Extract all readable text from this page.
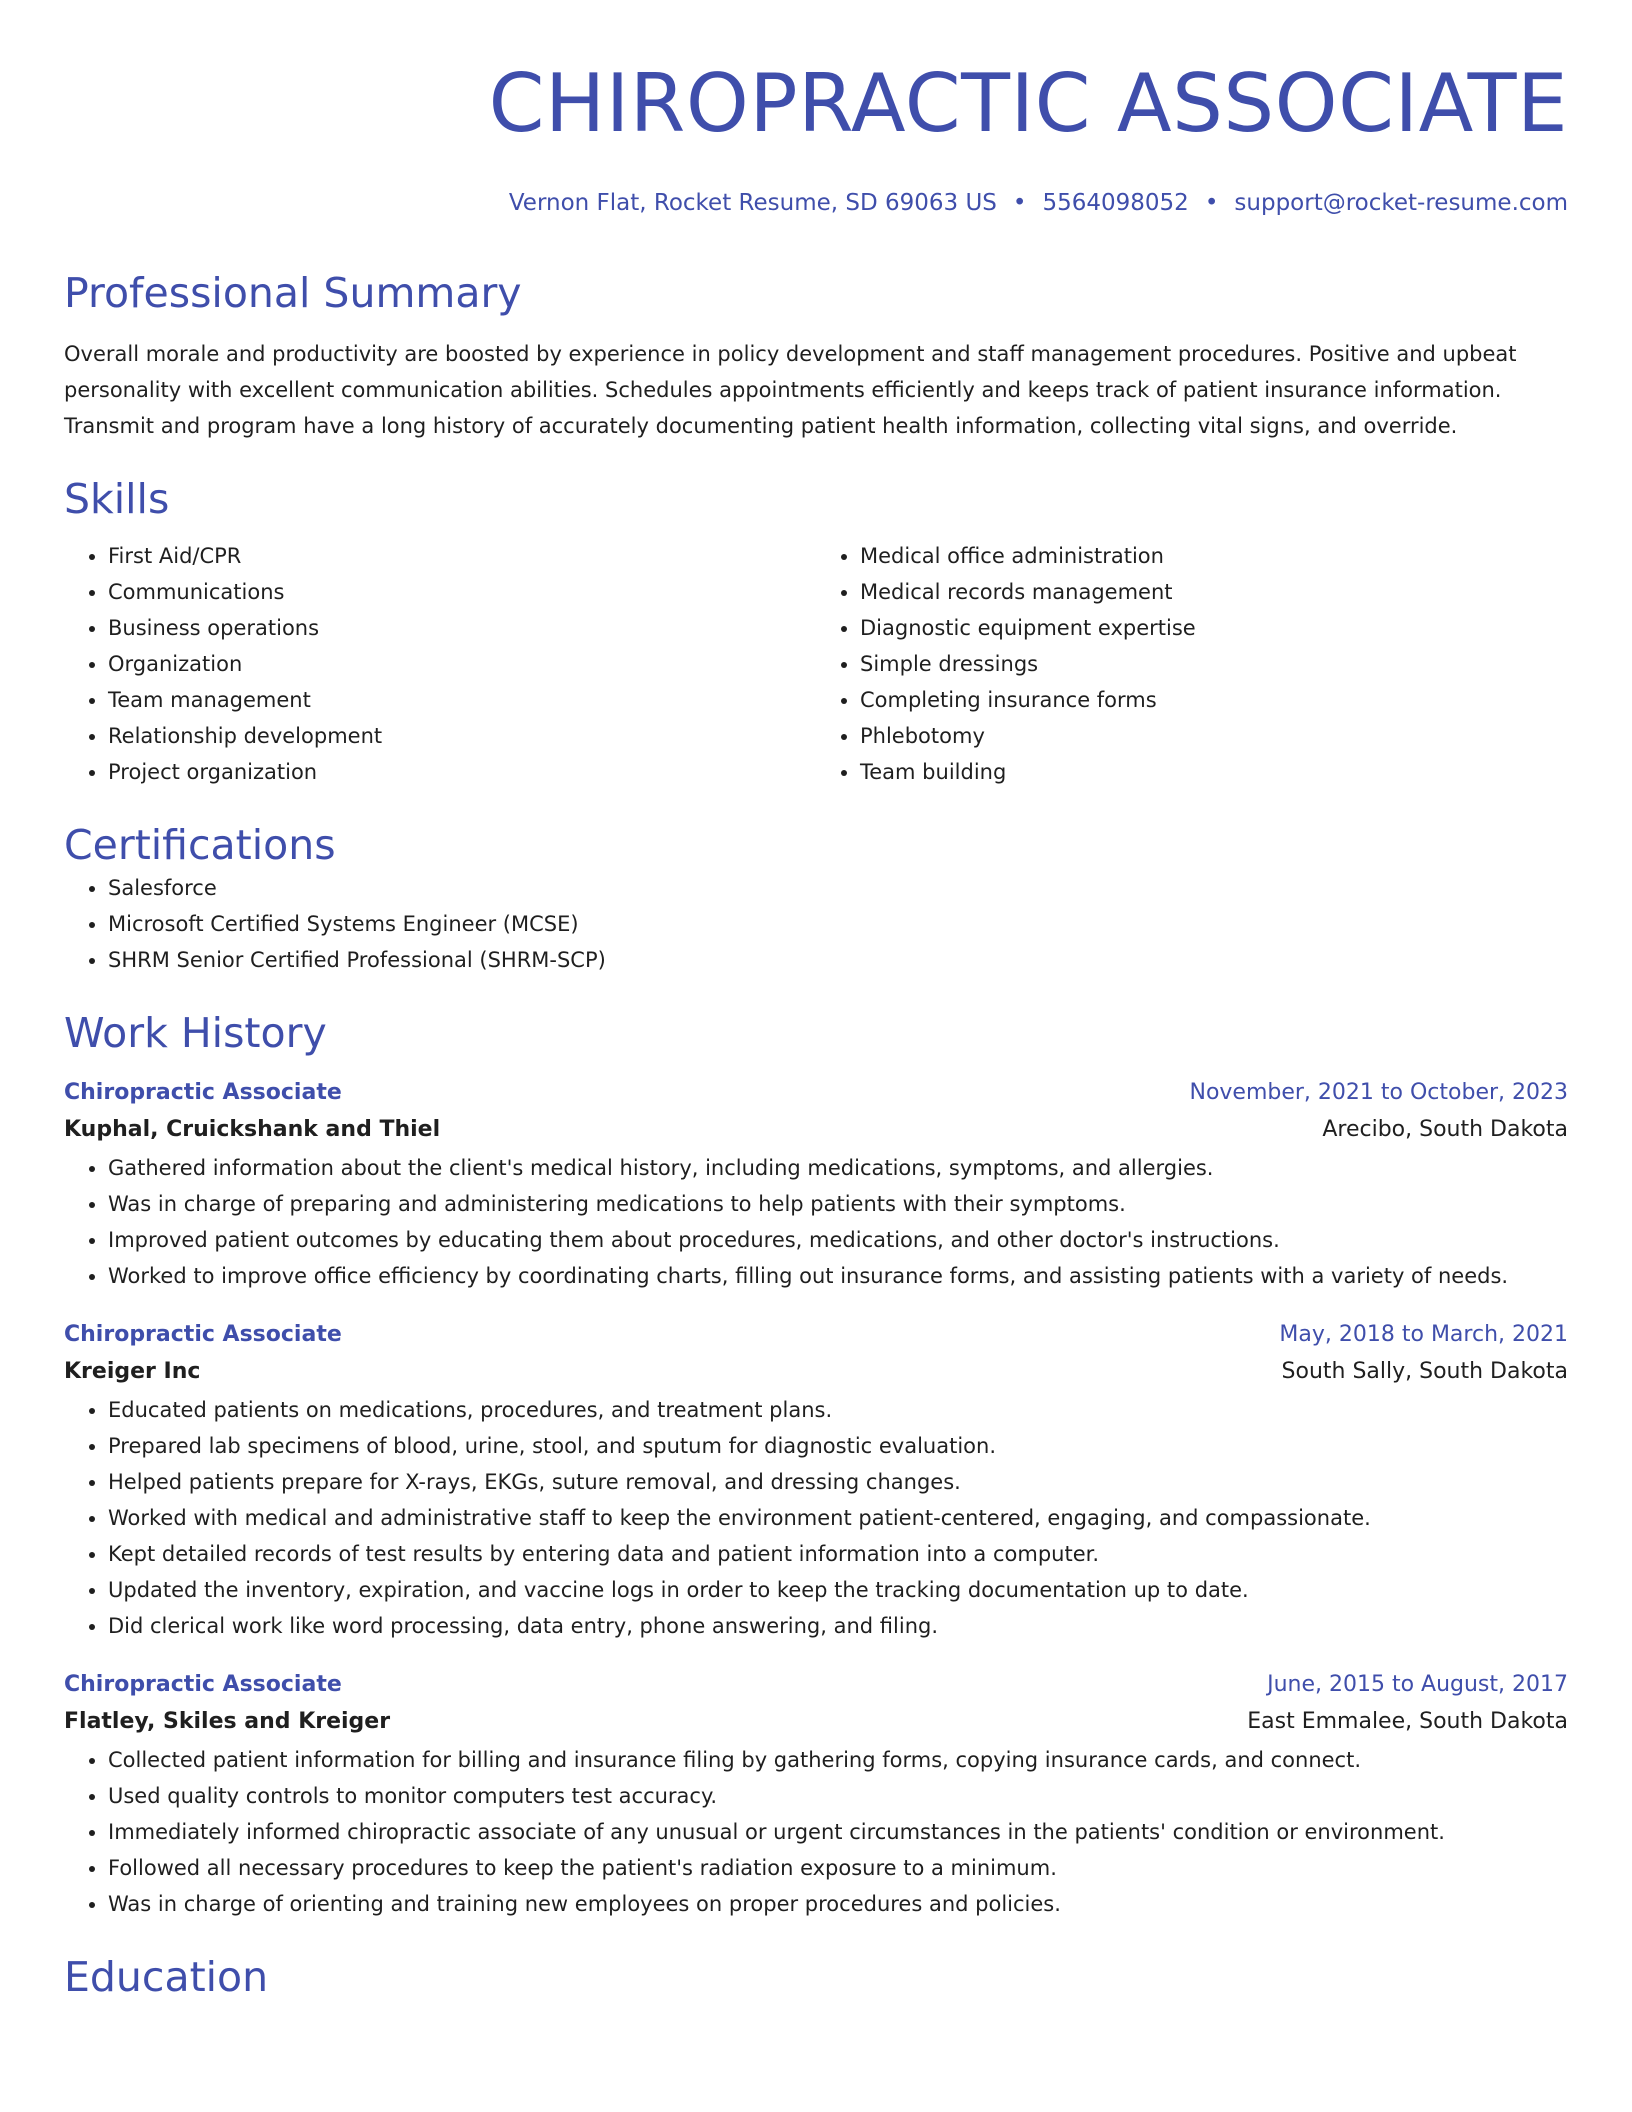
CHIROPRACTIC ASSOCIATE
Vernon Flat, Rocket Resume, SD 69063 US • 5564098052 • support@rocket-resume.com
Professional Summary

Overall morale and productivity are boosted by experience in policy development and staff management procedures. Positive and upbeat personality with excellent communication abilities. Schedules appointments efficiently and keeps track of patient insurance information. Transmit and program have a long history of accurately documenting patient health information, collecting vital signs, and override.

Skills
• First Aid/CPR
• Communications
• Business operations
• Organization
• Team management
• Relationship development
• Project organization
• Medical office administration
• Medical records management
• Diagnostic equipment expertise
• Simple dressings
• Completing insurance forms
• Phlebotomy
• Team building
Certifications
• Salesforce
• Microsoft Certified Systems Engineer (MCSE)
• SHRM Senior Certified Professional (SHRM-SCP)
Work History
Chiropractic Associate	November, 2021 to October, 2023
Kuphal, Cruickshank and Thiel	Arecibo, South Dakota
• Gathered information about the client's medical history, including medications, symptoms, and allergies.
• Was in charge of preparing and administering medications to help patients with their symptoms.
• Improved patient outcomes by educating them about procedures, medications, and other doctor's instructions.
• Worked to improve office efficiency by coordinating charts, filling out insurance forms, and assisting patients with a variety of needs.
Chiropractic Associate	May, 2018 to March, 2021
Kreiger Inc	South Sally, South Dakota
• Educated patients on medications, procedures, and treatment plans.
• Prepared lab specimens of blood, urine, stool, and sputum for diagnostic evaluation.
• Helped patients prepare for X-rays, EKGs, suture removal, and dressing changes.
• Worked with medical and administrative staff to keep the environment patient-centered, engaging, and compassionate.
• Kept detailed records of test results by entering data and patient information into a computer.
• Updated the inventory, expiration, and vaccine logs in order to keep the tracking documentation up to date.
• Did clerical work like word processing, data entry, phone answering, and filing.
Chiropractic Associate	June, 2015 to August, 2017
Flatley, Skiles and Kreiger	East Emmalee, South Dakota
• Collected patient information for billing and insurance filing by gathering forms, copying insurance cards, and connect.
• Used quality controls to monitor computers test accuracy.
• Immediately informed chiropractic associate of any unusual or urgent circumstances in the patients' condition or environment.
• Followed all necessary procedures to keep the patient's radiation exposure to a minimum.
• Was in charge of orienting and training new employees on proper procedures and policies.
Education
